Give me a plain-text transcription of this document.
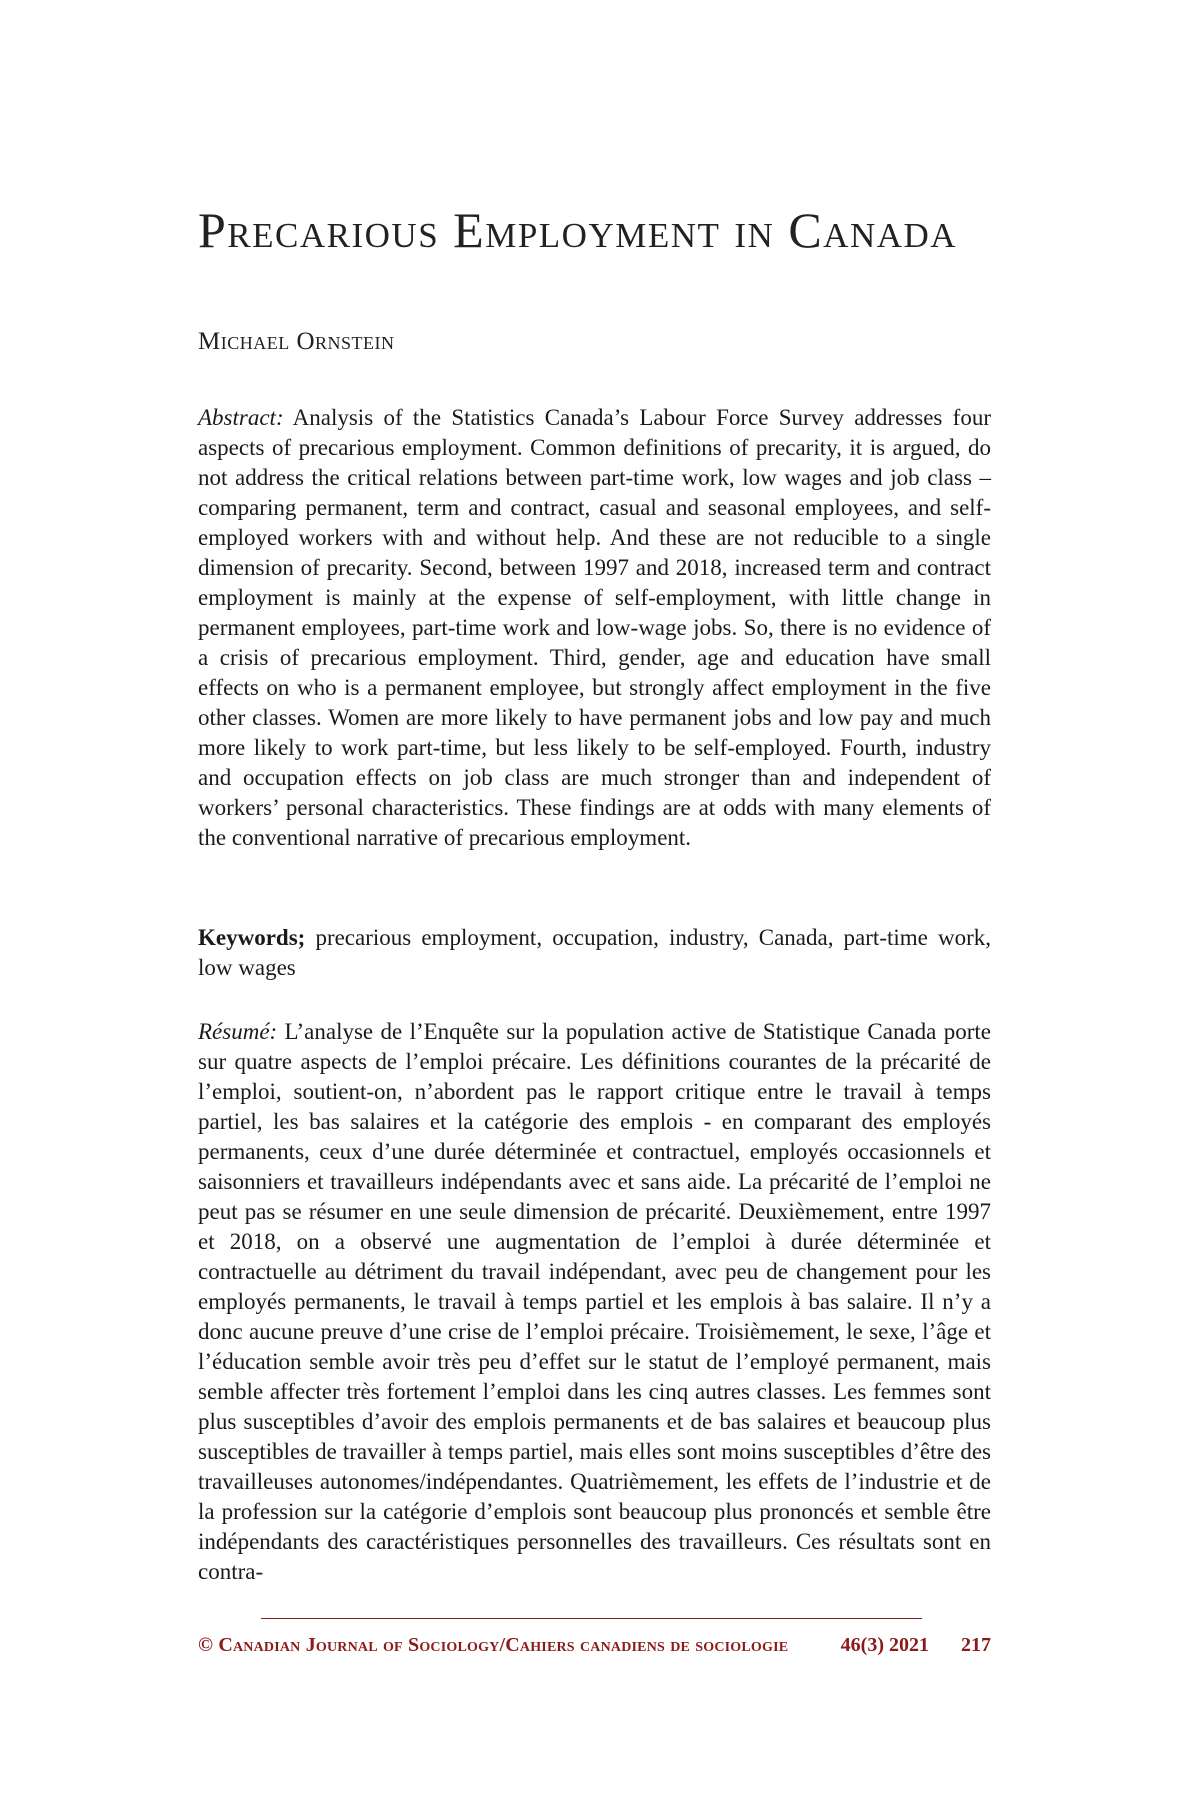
Precarious Employment in Canada
Michael Ornstein

Abstract: Analysis of the Statistics Canada’s Labour Force Survey addresses four aspects of precarious employment. Common definitions of precarity, it is argued, do not address the critical relations between part-time work, low wages and job class – comparing permanent, term and contract, casual and seasonal employees, and self-employed workers with and without help. And these are not reducible to a single dimension of precarity. Second, between 1997 and 2018, increased term and contract employment is mainly at the expense of self-employment, with little change in permanent employees, part-time work and low-wage jobs. So, there is no evidence of a crisis of precarious employment. Third, gender, age and education have small effects on who is a permanent employee, but strongly affect employment in the five other classes. Women are more likely to have permanent jobs and low pay and much more likely to work part-time, but less likely to be self-employed. Fourth, industry and occupation effects on job class are much stronger than and independent of workers’ personal characteristics. These findings are at odds with many elements of the conventional narrative of precarious employment.

Keywords; precarious employment, occupation, industry, Canada, part-time work, low wages

Résumé: L’analyse de l’Enquête sur la population active de Statistique Canada porte sur quatre aspects de l’emploi précaire. Les définitions courantes de la précarité de l’emploi, soutient-on, n’abordent pas le rapport critique entre le travail à temps partiel, les bas salaires et la catégorie des emplois - en comparant des employés permanents, ceux d’une durée déterminée et contractuel, employés occasionnels et saisonniers et travailleurs indépendants avec et sans aide. La précarité de l’emploi ne peut pas se résumer en une seule dimension de précarité. Deuxièmement, entre 1997 et 2018, on a observé une augmentation de l’emploi à durée déterminée et contractuelle au détriment du travail indépendant, avec peu de changement pour les employés permanents, le travail à temps partiel et les emplois à bas salaire. Il n’y a donc aucune preuve d’une crise de l’emploi précaire. Troisièmement, le sexe, l’âge et l’éducation semble avoir très peu d’effet sur le statut de l’employé permanent, mais semble affecter très fortement l’emploi dans les cinq autres classes. Les femmes sont plus susceptibles d’avoir des emplois permanents et de bas salaires et beaucoup plus susceptibles de travailler à temps partiel, mais elles sont moins susceptibles d’être des travailleuses autonomes/indépendantes. Quatrièmement, les effets de l’industrie et de la profession sur la catégorie d’emplois sont beaucoup plus prononcés et semble être indépendants des caractéristiques personnelles des travailleurs. Ces résultats sont en contra-

© Canadian Journal of Sociology/Cahiers canadiens de sociologie	46(3) 2021 217
